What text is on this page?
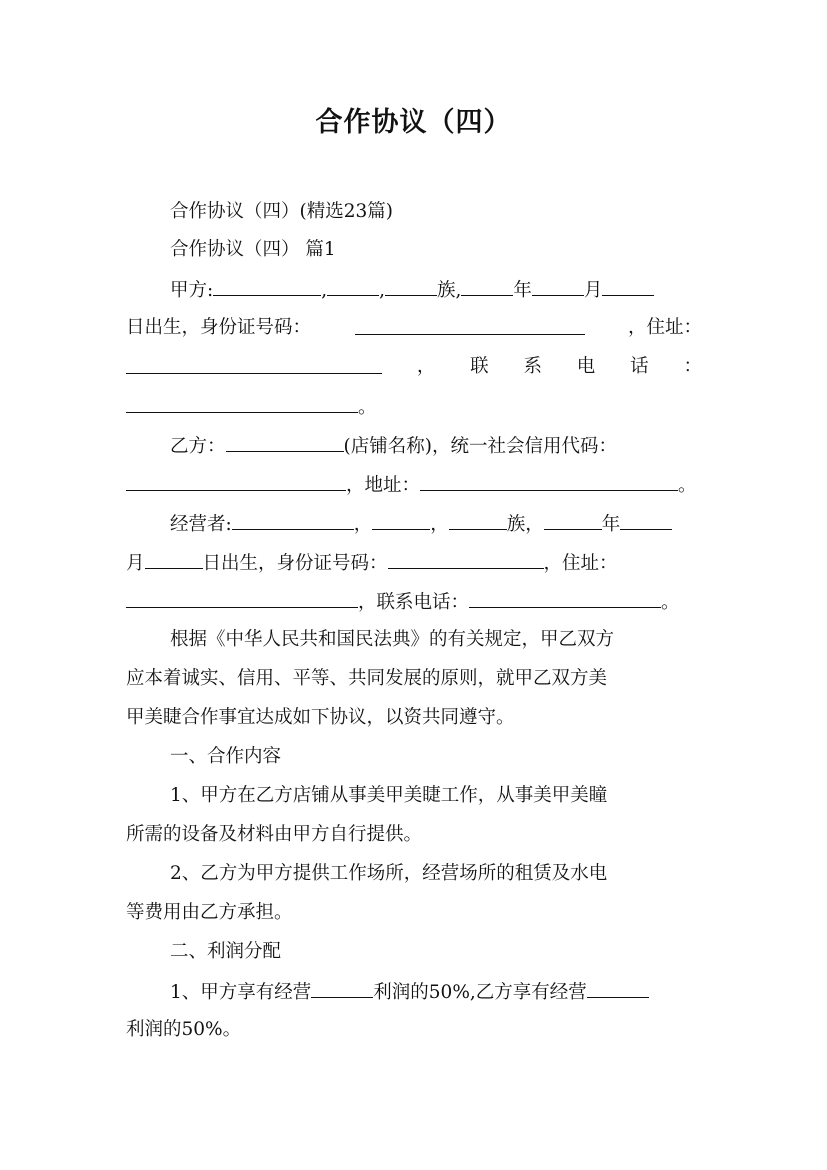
合作协议（四）
合作协议（四）(精选23篇)
合作协议（四） 篇1
甲方:	,	,	族,	年	月
日出生，身份证号码：	，住址：
， 联 系 电 话 ：
。
乙方：	(店铺名称)，统一社会信用代码：
，地址：	。
经营者:	，	，	族，	年
月	日出生，身份证号码：	，住址：
，联系电话：	。
根据《中华人民共和国民法典》的有关规定，甲乙双方
应本着诚实、信用、平等、共同发展的原则，就甲乙双方美
甲美睫合作事宜达成如下协议，以资共同遵守。
一、合作内容
1、甲方在乙方店铺从事美甲美睫工作，从事美甲美瞳
所需的设备及材料由甲方自行提供。
2、乙方为甲方提供工作场所，经营场所的租赁及水电
等费用由乙方承担。
二、利润分配
1、甲方享有经营	利润的50%,乙方享有经营
利润的50%。
